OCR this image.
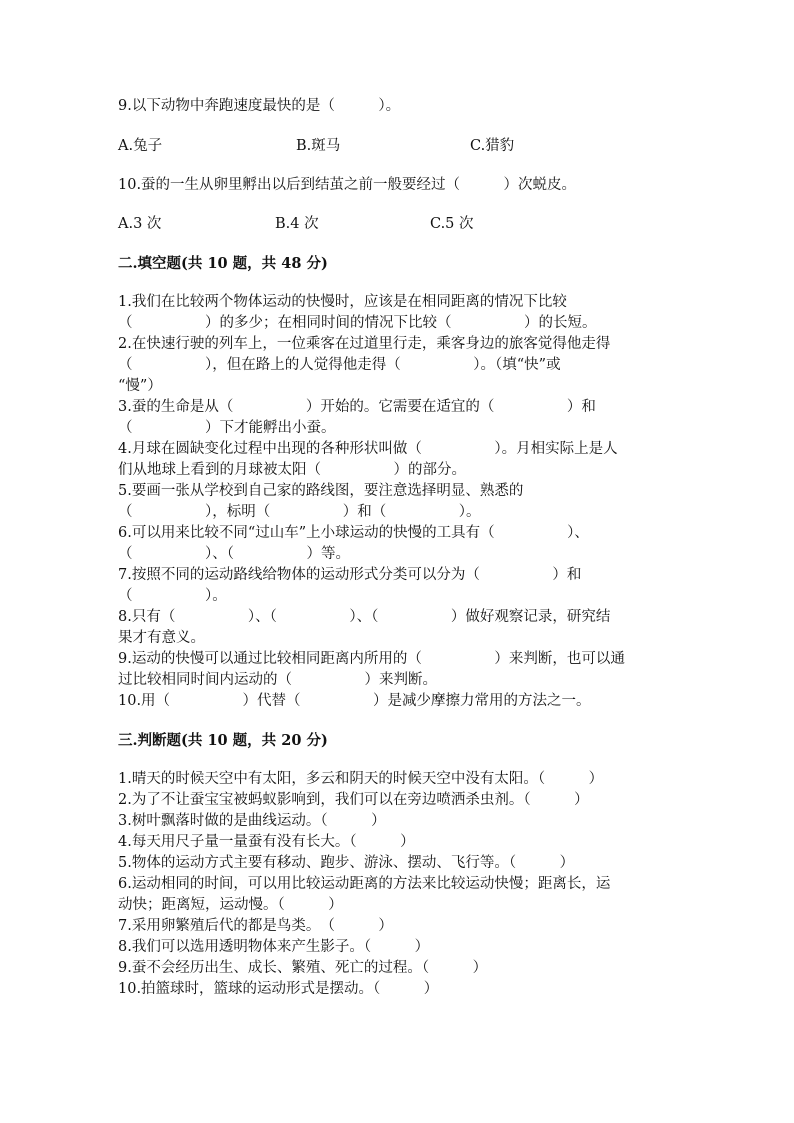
9.以下动物中奔跑速度最快的是（　　　）。
A.兔子	B.斑马	C.猎豹
10.蚕的一生从卵里孵出以后到结茧之前一般要经过（　　　）次蜕皮。
A.3 次	B.4 次	C.5 次
二.填空题(共 10 题，共 48 分)
1.我们在比较两个物体运动的快慢时，应该是在相同距离的情况下比较
（　　　　　）的多少；在相同时间的情况下比较（　　　　　）的长短。
2.在快速行驶的列车上，一位乘客在过道里行走，乘客身边的旅客觉得他走得
（　　　　　），但在路上的人觉得他走得（　　　　　）。（填“快”或
“慢”）
3.蚕的生命是从（　　　　　）开始的。它需要在适宜的（　　　　　）和
（　　　　　）下才能孵出小蚕。
4.月球在圆缺变化过程中出现的各种形状叫做（　　　　　）。月相实际上是人
们从地球上看到的月球被太阳（　　　　　）的部分。
5.要画一张从学校到自己家的路线图，要注意选择明显、熟悉的
（　　　　　），标明（　　　　　）和（　　　　　）。
6.可以用来比较不同“过山车”上小球运动的快慢的工具有（　　　　　）、
（　　　　　）、（　　　　　）等。
7.按照不同的运动路线给物体的运动形式分类可以分为（　　　　　）和
（　　　　　）。
8.只有（　　　　　）、（　　　　　）、（　　　　　）做好观察记录，研究结
果才有意义。
9.运动的快慢可以通过比较相同距离内所用的（　　　　　）来判断，也可以通
过比较相同时间内运动的（　　　　　）来判断。
10.用（　　　　　）代替（　　　　　）是减少摩擦力常用的方法之一。
三.判断题(共 10 题，共 20 分)
1.晴天的时候天空中有太阳，多云和阴天的时候天空中没有太阳。（　　　）
2.为了不让蚕宝宝被蚂蚁影响到，我们可以在旁边喷洒杀虫剂。（　　　）
3.树叶飘落时做的是曲线运动。（　　　）
4.每天用尺子量一量蚕有没有长大。（　　　）
5.物体的运动方式主要有移动、跑步、游泳、摆动、飞行等。（　　　）
6.运动相同的时间，可以用比较运动距离的方法来比较运动快慢；距离长，运
动快；距离短，运动慢。（　　　）
7.采用卵繁殖后代的都是鸟类。　（　　　）
8.我们可以选用透明物体来产生影子。（　　　）
9.蚕不会经历出生、成长、繁殖、死亡的过程。（　　　）
10.拍篮球时，篮球的运动形式是摆动。（　　　）
